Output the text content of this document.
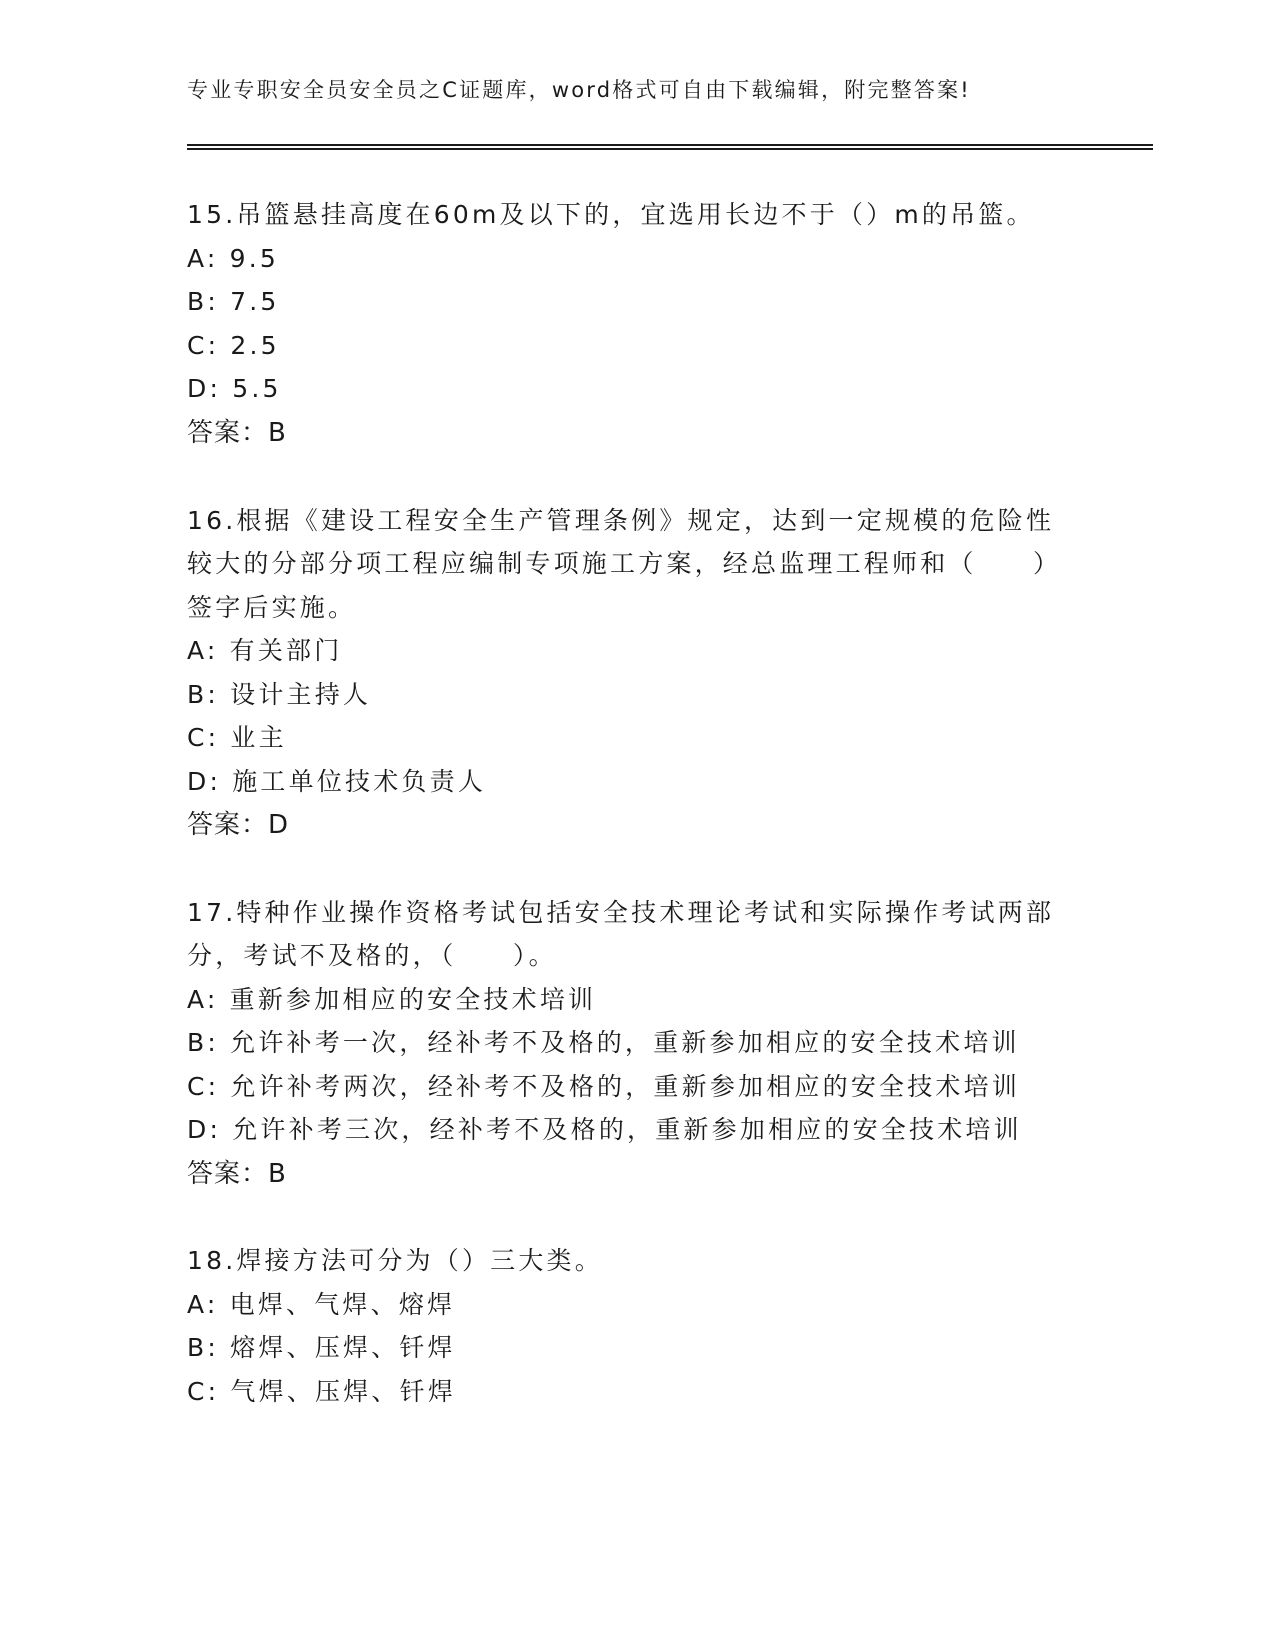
专业专职安全员安全员之C证题库，word格式可自由下载编辑，附完整答案!
15.吊篮悬挂高度在60m及以下的，宜选用长边不于（）m的吊篮。
A: 9.5
B: 7.5
C: 2.5
D: 5.5
答案：B
16.根据《建设工程安全生产管理条例》规定，达到一定规模的危险性
较大的分部分项工程应编制专项施工方案，经总监理工程师和（　　）
签字后实施。
A: 有关部门
B: 设计主持人
C: 业主
D: 施工单位技术负责人
答案：D
17.特种作业操作资格考试包括安全技术理论考试和实际操作考试两部
分，考试不及格的，（　　）。
A: 重新参加相应的安全技术培训
B: 允许补考一次，经补考不及格的，重新参加相应的安全技术培训
C: 允许补考两次，经补考不及格的，重新参加相应的安全技术培训
D: 允许补考三次，经补考不及格的，重新参加相应的安全技术培训
答案：B
18.焊接方法可分为（）三大类。
A: 电焊、气焊、熔焊
B: 熔焊、压焊、钎焊
C: 气焊、压焊、钎焊
